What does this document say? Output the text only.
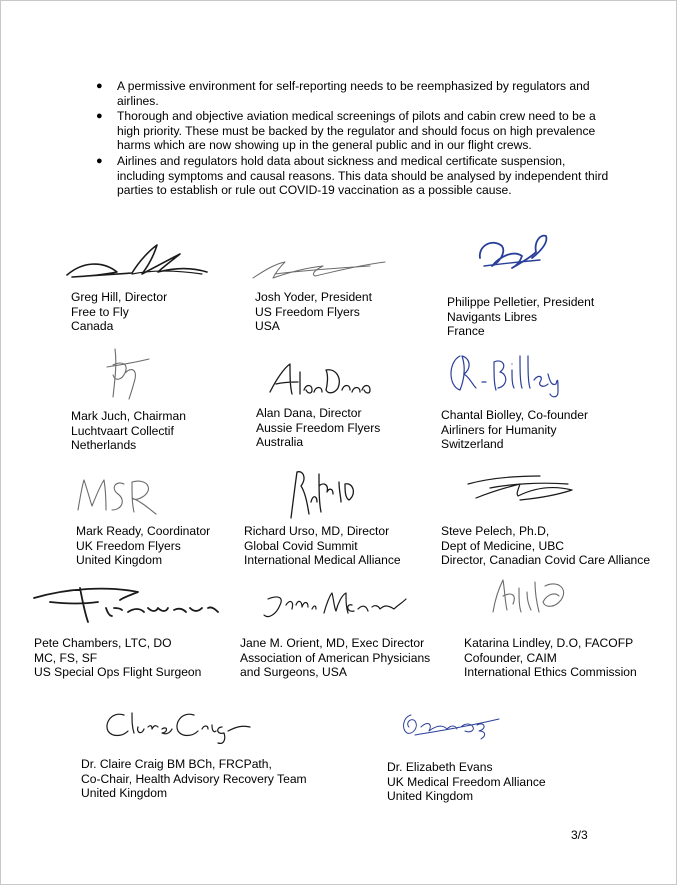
● A permissive environment for self-reporting needs to be reemphasized by regulators and airlines.
● Thorough and objective aviation medical screenings of pilots and cabin crew need to be a high priority. These must be backed by the regulator and should focus on high prevalence harms which are now showing up in the general public and in our flight crews.
● Airlines and regulators hold data about sickness and medical certificate suspension, including symptoms and causal reasons. This data should be analysed by independent third parties to establish or rule out COVID-19 vaccination as a possible cause.
Greg Hill, Director
Free to Fly
Canada
Josh Yoder, President
US Freedom Flyers
USA
Philippe Pelletier, President
Navigants Libres
France
Mark Juch, Chairman
Luchtvaart Collectif
Netherlands
Alan Dana, Director
Aussie Freedom Flyers
Australia
Chantal Biolley, Co-founder
Airliners for Humanity
Switzerland
Mark Ready, Coordinator
UK Freedom Flyers
United Kingdom
Richard Urso, MD, Director
Global Covid Summit
International Medical Alliance
Steve Pelech, Ph.D,
Dept of Medicine, UBC
Director, Canadian Covid Care Alliance
Pete Chambers, LTC, DO
MC, FS, SF
US Special Ops Flight Surgeon
Jane M. Orient, MD, Exec Director
Association of American Physicians
and Surgeons, USA
Katarina Lindley, D.O, FACOFP
Cofounder, CAIM
International Ethics Commission
Dr. Claire Craig BM BCh, FRCPath,
Co-Chair, Health Advisory Recovery Team
United Kingdom
Dr. Elizabeth Evans
UK Medical Freedom Alliance
United Kingdom
3/3
